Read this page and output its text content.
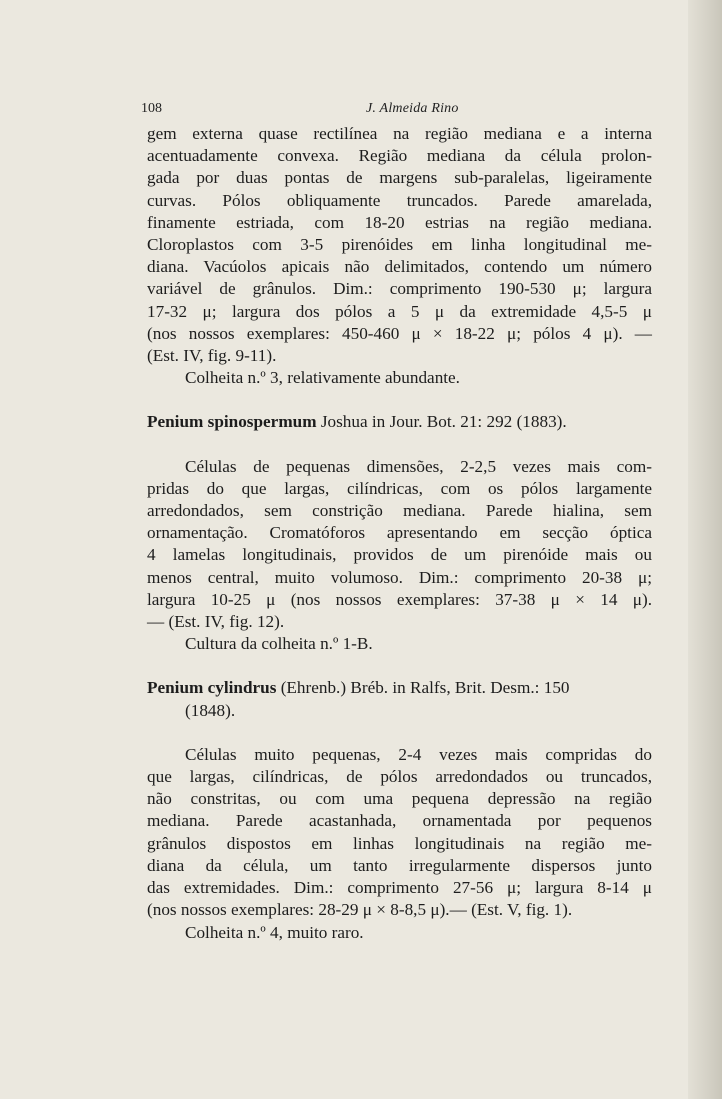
108	J. Almeida Rino
gem externa quase rectilínea na região mediana e a interna
acentuadamente convexa. Região mediana da célula prolon-
gada por duas pontas de margens sub-paralelas, ligeiramente
curvas. Pólos obliquamente truncados. Parede amarelada,
finamente estriada, com 18-20 estrias na região mediana.
Cloroplastos com 3-5 pirenóides em linha longitudinal me-
diana. Vacúolos apicais não delimitados, contendo um número
variável de grânulos. Dim.: comprimento 190-530 μ; largura
17-32 μ; largura dos pólos a 5 μ da extremidade 4,5-5 μ
(nos nossos exemplares: 450-460 μ × 18-22 μ; pólos 4 μ). —
(Est. IV, fig. 9-11).
Colheita n.º 3, relativamente abundante.
Penium spinospermum Joshua in Jour. Bot. 21: 292 (1883).
Células de pequenas dimensões, 2-2,5 vezes mais com-
pridas do que largas, cilíndricas, com os pólos largamente
arredondados, sem constrição mediana. Parede hialina, sem
ornamentação. Cromatóforos apresentando em secção óptica
4 lamelas longitudinais, providos de um pirenóide mais ou
menos central, muito volumoso. Dim.: comprimento 20-38 μ;
largura 10-25 μ (nos nossos exemplares: 37-38 μ × 14 μ).
— (Est. IV, fig. 12).
Cultura da colheita n.º 1-B.
Penium cylindrus (Ehrenb.) Bréb. in Ralfs, Brit. Desm.: 150
(1848).
Células muito pequenas, 2-4 vezes mais compridas do
que largas, cilíndricas, de pólos arredondados ou truncados,
não constritas, ou com uma pequena depressão na região
mediana. Parede acastanhada, ornamentada por pequenos
grânulos dispostos em linhas longitudinais na região me-
diana da célula, um tanto irregularmente dispersos junto
das extremidades. Dim.: comprimento 27-56 μ; largura 8-14 μ
(nos nossos exemplares: 28-29 μ × 8-8,5 μ).— (Est. V, fig. 1).
Colheita n.º 4, muito raro.
